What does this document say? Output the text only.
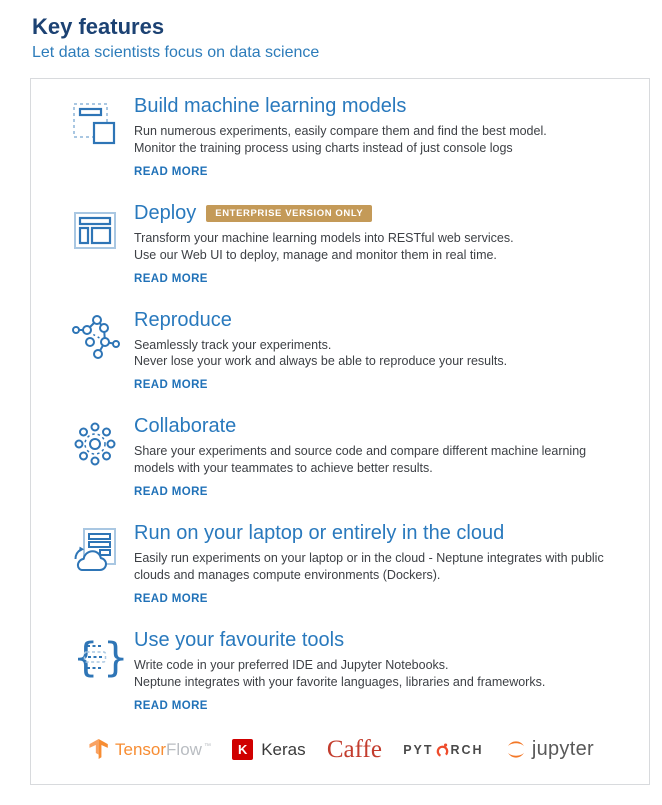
Key features

Let data scientists focus on data science

Build machine learning models

Run numerous experiments, easily compare them and find the best model.
Monitor the training process using charts instead of just console logs

READ MORE
Deploy	ENTERPRISE VERSION ONLY

Transform your machine learning models into RESTful web services.
Use our Web UI to deploy, manage and monitor them in real time.

READ MORE
Reproduce

Seamlessly track your experiments.
Never lose your work and always be able to reproduce your results.

READ MORE
Collaborate

Share your experiments and source code and compare different machine learning models with your teammates to achieve better results.

READ MORE
Run on your laptop or entirely in the cloud

Easily run experiments on your laptop or in the cloud - Neptune integrates with public clouds and manages compute environments (Dockers).

READ MORE
{ } Use your favourite tools

Write code in your preferred IDE and Jupyter Notebooks.
Neptune integrates with your favorite languages, libraries and frameworks.

READ MORE
TensorFlow ™	K Keras Caffe PYT RCH jupyter
